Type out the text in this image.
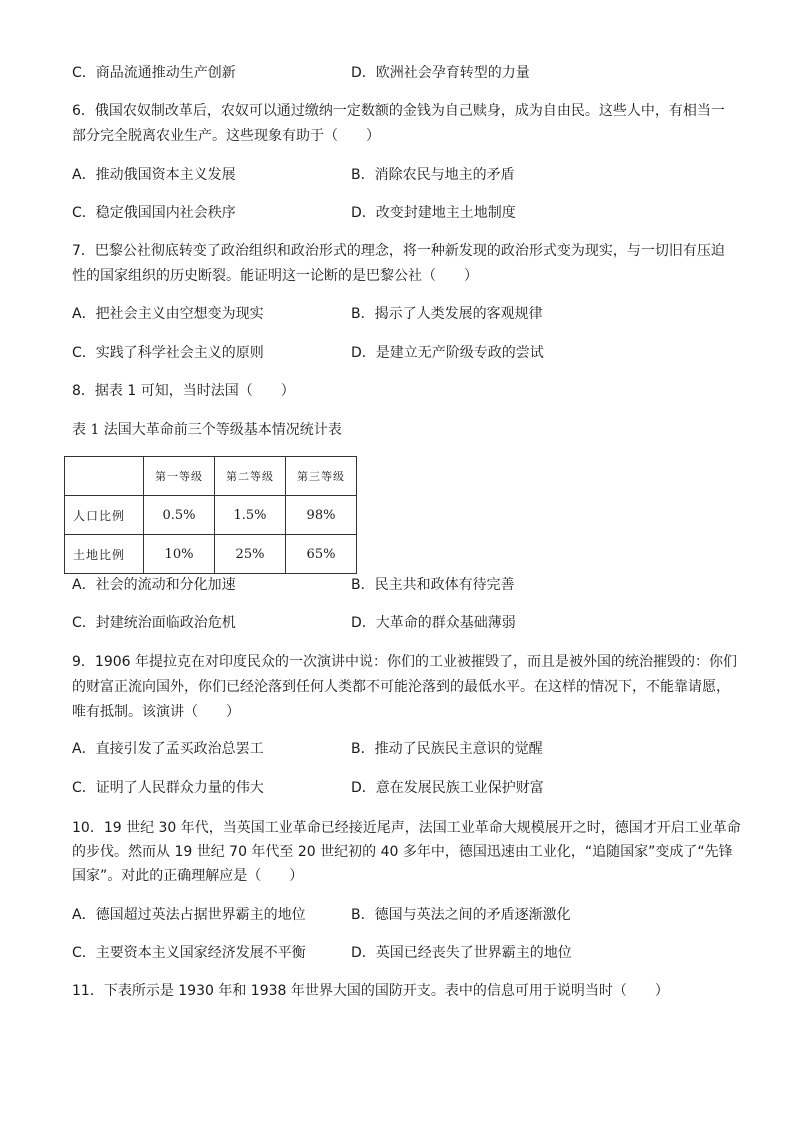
C．商品流通推动生产创新	D．欧洲社会孕育转型的力量
6．俄国农奴制改革后，农奴可以通过缴纳一定数额的金钱为自己赎身，成为自由民。这些人中，有相当一
部分完全脱离农业生产。这些现象有助于（　　）
A．推动俄国资本主义发展	B．消除农民与地主的矛盾
C．稳定俄国国内社会秩序	D．改变封建地主土地制度
7．巴黎公社彻底转变了政治组织和政治形式的理念，将一种新发现的政治形式变为现实，与一切旧有压迫
性的国家组织的历史断裂。能证明这一论断的是巴黎公社（　　）
A．把社会主义由空想变为现实	B．揭示了人类发展的客观规律
C．实践了科学社会主义的原则	D．是建立无产阶级专政的尝试
8．据表 1 可知，当时法国（　　）
表 1 法国大革命前三个等级基本情况统计表
	第一等级	第二等级	第三等级
人口比例	0.5%	1.5%	98%
土地比例	10%	25%	65%
A．社会的流动和分化加速	B．民主共和政体有待完善
C．封建统治面临政治危机	D．大革命的群众基础薄弱
9．1906 年提拉克在对印度民众的一次演讲中说：你们的工业被摧毁了，而且是被外国的统治摧毁的：你们
的财富正流向国外，你们已经沦落到任何人类都不可能沦落到的最低水平。在这样的情况下，不能靠请愿，
唯有抵制。该演讲（　　）
A．直接引发了孟买政治总罢工	B．推动了民族民主意识的觉醒
C．证明了人民群众力量的伟大	D．意在发展民族工业保护财富
10．19 世纪 30 年代，当英国工业革命已经接近尾声，法国工业革命大规模展开之时，德国才开启工业革命
的步伐。然而从 19 世纪 70 年代至 20 世纪初的 40 多年中，德国迅速由工业化，“追随国家”变成了“先锋
国家”。对此的正确理解应是（　　）
A．德国超过英法占据世界霸主的地位	B．德国与英法之间的矛盾逐渐激化
C．主要资本主义国家经济发展不平衡	D．英国已经丧失了世界霸主的地位
11．下表所示是 1930 年和 1938 年世界大国的国防开支。表中的信息可用于说明当时（　　）
